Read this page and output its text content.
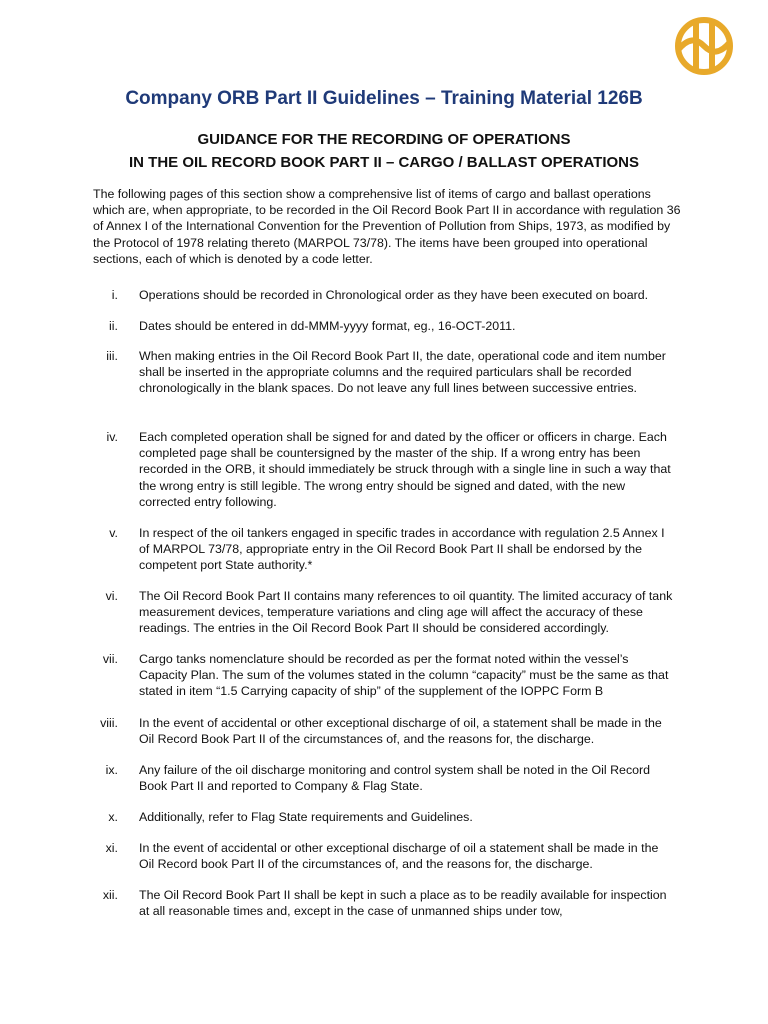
Company ORB Part II Guidelines – Training Material 126B
GUIDANCE FOR THE RECORDING OF OPERATIONS
IN THE OIL RECORD BOOK PART II – CARGO / BALLAST OPERATIONS
The following pages of this section show a comprehensive list of items of cargo and ballast operations which are, when appropriate, to be recorded in the Oil Record Book Part II in accordance with regulation 36 of Annex I of the International Convention for the Prevention of Pollution from Ships, 1973, as modified by the Protocol of 1978 relating thereto (MARPOL 73/78). The items have been grouped into operational sections, each of which is denoted by a code letter.
i. Operations should be recorded in Chronological order as they have been executed on board.
ii. Dates should be entered in dd-MMM-yyyy format, eg., 16-OCT-2011.
iii. When making entries in the Oil Record Book Part II, the date, operational code and item number shall be inserted in the appropriate columns and the required particulars shall be recorded chronologically in the blank spaces. Do not leave any full lines between successive entries.
iv. Each completed operation shall be signed for and dated by the officer or officers in charge. Each completed page shall be countersigned by the master of the ship. If a wrong entry has been recorded in the ORB, it should immediately be struck through with a single line in such a way that the wrong entry is still legible. The wrong entry should be signed and dated, with the new corrected entry following.
v. In respect of the oil tankers engaged in specific trades in accordance with regulation 2.5 Annex I of MARPOL 73/78, appropriate entry in the Oil Record Book Part II shall be endorsed by the competent port State authority.*
vi. The Oil Record Book Part II contains many references to oil quantity. The limited accuracy of tank measurement devices, temperature variations and cling age will affect the accuracy of these readings. The entries in the Oil Record Book Part II should be considered accordingly.
vii. Cargo tanks nomenclature should be recorded as per the format noted within the vessel’s Capacity Plan. The sum of the volumes stated in the column “capacity” must be the same as that stated in item “1.5 Carrying capacity of ship” of the supplement of the IOPPC Form B
viii. In the event of accidental or other exceptional discharge of oil, a statement shall be made in the Oil Record Book Part II of the circumstances of, and the reasons for, the discharge.
ix. Any failure of the oil discharge monitoring and control system shall be noted in the Oil Record Book Part II and reported to Company & Flag State.
x. Additionally, refer to Flag State requirements and Guidelines.
xi. In the event of accidental or other exceptional discharge of oil a statement shall be made in the Oil Record book Part II of the circumstances of, and the reasons for, the discharge.
xii. The Oil Record Book Part II shall be kept in such a place as to be readily available for inspection at all reasonable times and, except in the case of unmanned ships under tow,
